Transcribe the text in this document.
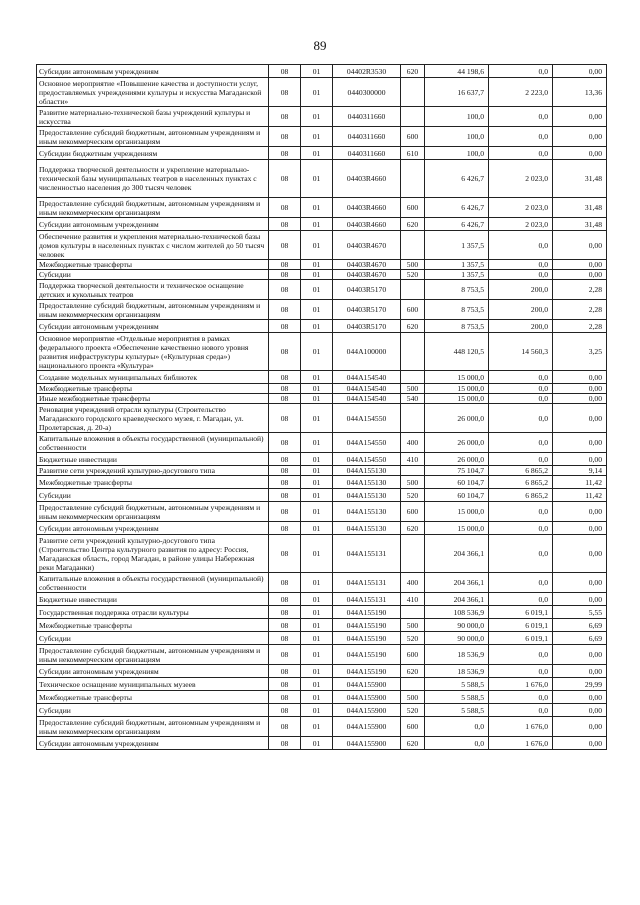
89
Субсидии автономным учреждениям	08	01	04402R3530	620	44 198,6	0,0	0,00
Основное мероприятие «Повышение качества и доступности услуг, предоставляемых учреждениями культуры и искусства Магаданской области»	08	01	0440300000		16 637,7	2 223,0	13,36
Развитие материально-технической базы учреждений культуры и искусства	08	01	0440311660		100,0	0,0	0,00
Предоставление субсидий бюджетным, автономным учреждениям и иным некоммерческим организациям	08	01	0440311660	600	100,0	0,0	0,00
Субсидии бюджетным учреждениям	08	01	0440311660	610	100,0	0,0	0,00
Поддержка творческой деятельности и укрепление материально-технической базы муниципальных театров в населенных пунктах с численностью населения до 300 тысяч человек	08	01	04403R4660		6 426,7	2 023,0	31,48
Предоставление субсидий бюджетным, автономным учреждениям и иным некоммерческим организациям	08	01	04403R4660	600	6 426,7	2 023,0	31,48
Субсидии автономным учреждениям	08	01	04403R4660	620	6 426,7	2 023,0	31,48
Обеспечение развития и укрепления материально-технической базы домов культуры в населенных пунктах с числом жителей до 50 тысяч человек	08	01	04403R4670		1 357,5	0,0	0,00
Межбюджетные трансферты	08	01	04403R4670	500	1 357,5	0,0	0,00
Субсидии	08	01	04403R4670	520	1 357,5	0,0	0,00
Поддержка творческой деятельности и техническое оснащение детских и кукольных театров	08	01	04403R5170		8 753,5	200,0	2,28
Предоставление субсидий бюджетным, автономным учреждениям и иным некоммерческим организациям	08	01	04403R5170	600	8 753,5	200,0	2,28
Субсидии автономным учреждениям	08	01	04403R5170	620	8 753,5	200,0	2,28
Основное мероприятие «Отдельные мероприятия в рамках федерального проекта «Обеспечение качественно нового уровня развития инфраструктуры культуры» («Культурная среда») национального проекта «Культура»	08	01	044A100000		448 120,5	14 560,3	3,25
Создание модельных муниципальных библиотек	08	01	044A154540		15 000,0	0,0	0,00
Межбюджетные трансферты	08	01	044A154540	500	15 000,0	0,0	0,00
Иные межбюджетные трансферты	08	01	044A154540	540	15 000,0	0,0	0,00
Реновация учреждений отрасли культуры (Строительство Магаданского городского краеведческого музея, г. Магадан, ул. Пролетарская, д. 20-а)	08	01	044A154550		26 000,0	0,0	0,00
Капитальные вложения в объекты государственной (муниципальной) собственности	08	01	044A154550	400	26 000,0	0,0	0,00
Бюджетные инвестиции	08	01	044A154550	410	26 000,0	0,0	0,00
Развитие сети учреждений культурно-досугового типа	08	01	044A155130		75 104,7	6 865,2	9,14
Межбюджетные трансферты	08	01	044A155130	500	60 104,7	6 865,2	11,42
Субсидии	08	01	044A155130	520	60 104,7	6 865,2	11,42
Предоставление субсидий бюджетным, автономным учреждениям и иным некоммерческим организациям	08	01	044A155130	600	15 000,0	0,0	0,00
Субсидии автономным учреждениям	08	01	044A155130	620	15 000,0	0,0	0,00
Развитие сети учреждений культурно-досугового типа (Строительство Центра культурного развития по адресу: Россия, Магаданская область, город Магадан, в районе улицы Набережная реки Магаданки)	08	01	044A155131		204 366,1	0,0	0,00
Капитальные вложения в объекты государственной (муниципальной) собственности	08	01	044A155131	400	204 366,1	0,0	0,00
Бюджетные инвестиции	08	01	044A155131	410	204 366,1	0,0	0,00
Государственная поддержка отрасли культуры	08	01	044A155190		108 536,9	6 019,1	5,55
Межбюджетные трансферты	08	01	044A155190	500	90 000,0	6 019,1	6,69
Субсидии	08	01	044A155190	520	90 000,0	6 019,1	6,69
Предоставление субсидий бюджетным, автономным учреждениям и иным некоммерческим организациям	08	01	044A155190	600	18 536,9	0,0	0,00
Субсидии автономным учреждениям	08	01	044A155190	620	18 536,9	0,0	0,00
Техническое оснащение муниципальных музеев	08	01	044A155900		5 588,5	1 676,0	29,99
Межбюджетные трансферты	08	01	044A155900	500	5 588,5	0,0	0,00
Субсидии	08	01	044A155900	520	5 588,5	0,0	0,00
Предоставление субсидий бюджетным, автономным учреждениям и иным некоммерческим организациям	08	01	044A155900	600	0,0	1 676,0	0,00
Субсидии автономным учреждениям	08	01	044A155900	620	0,0	1 676,0	0,00
